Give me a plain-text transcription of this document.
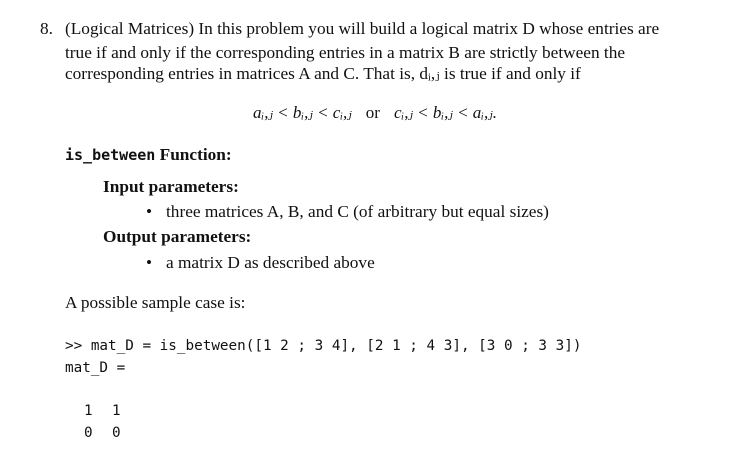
8. (Logical Matrices) In this problem you will build a logical matrix D whose entries are
true if and only if the corresponding entries in a matrix B are strictly between the
corresponding entries in matrices A and C. That is, dᵢ,ⱼ is true if and only if
aᵢ,ⱼ < bᵢ,ⱼ < cᵢ,ⱼ or cᵢ,ⱼ < bᵢ,ⱼ < aᵢ,ⱼ.
is_between Function:
Input parameters:
• three matrices A, B, and C (of arbitrary but equal sizes)
Output parameters:
• a matrix D as described above
A possible sample case is:
>> mat_D = is_between([1 2 ; 3 4], [2 1 ; 4 3], [3 0 ; 3 3])
mat_D =
1 1
0 0
